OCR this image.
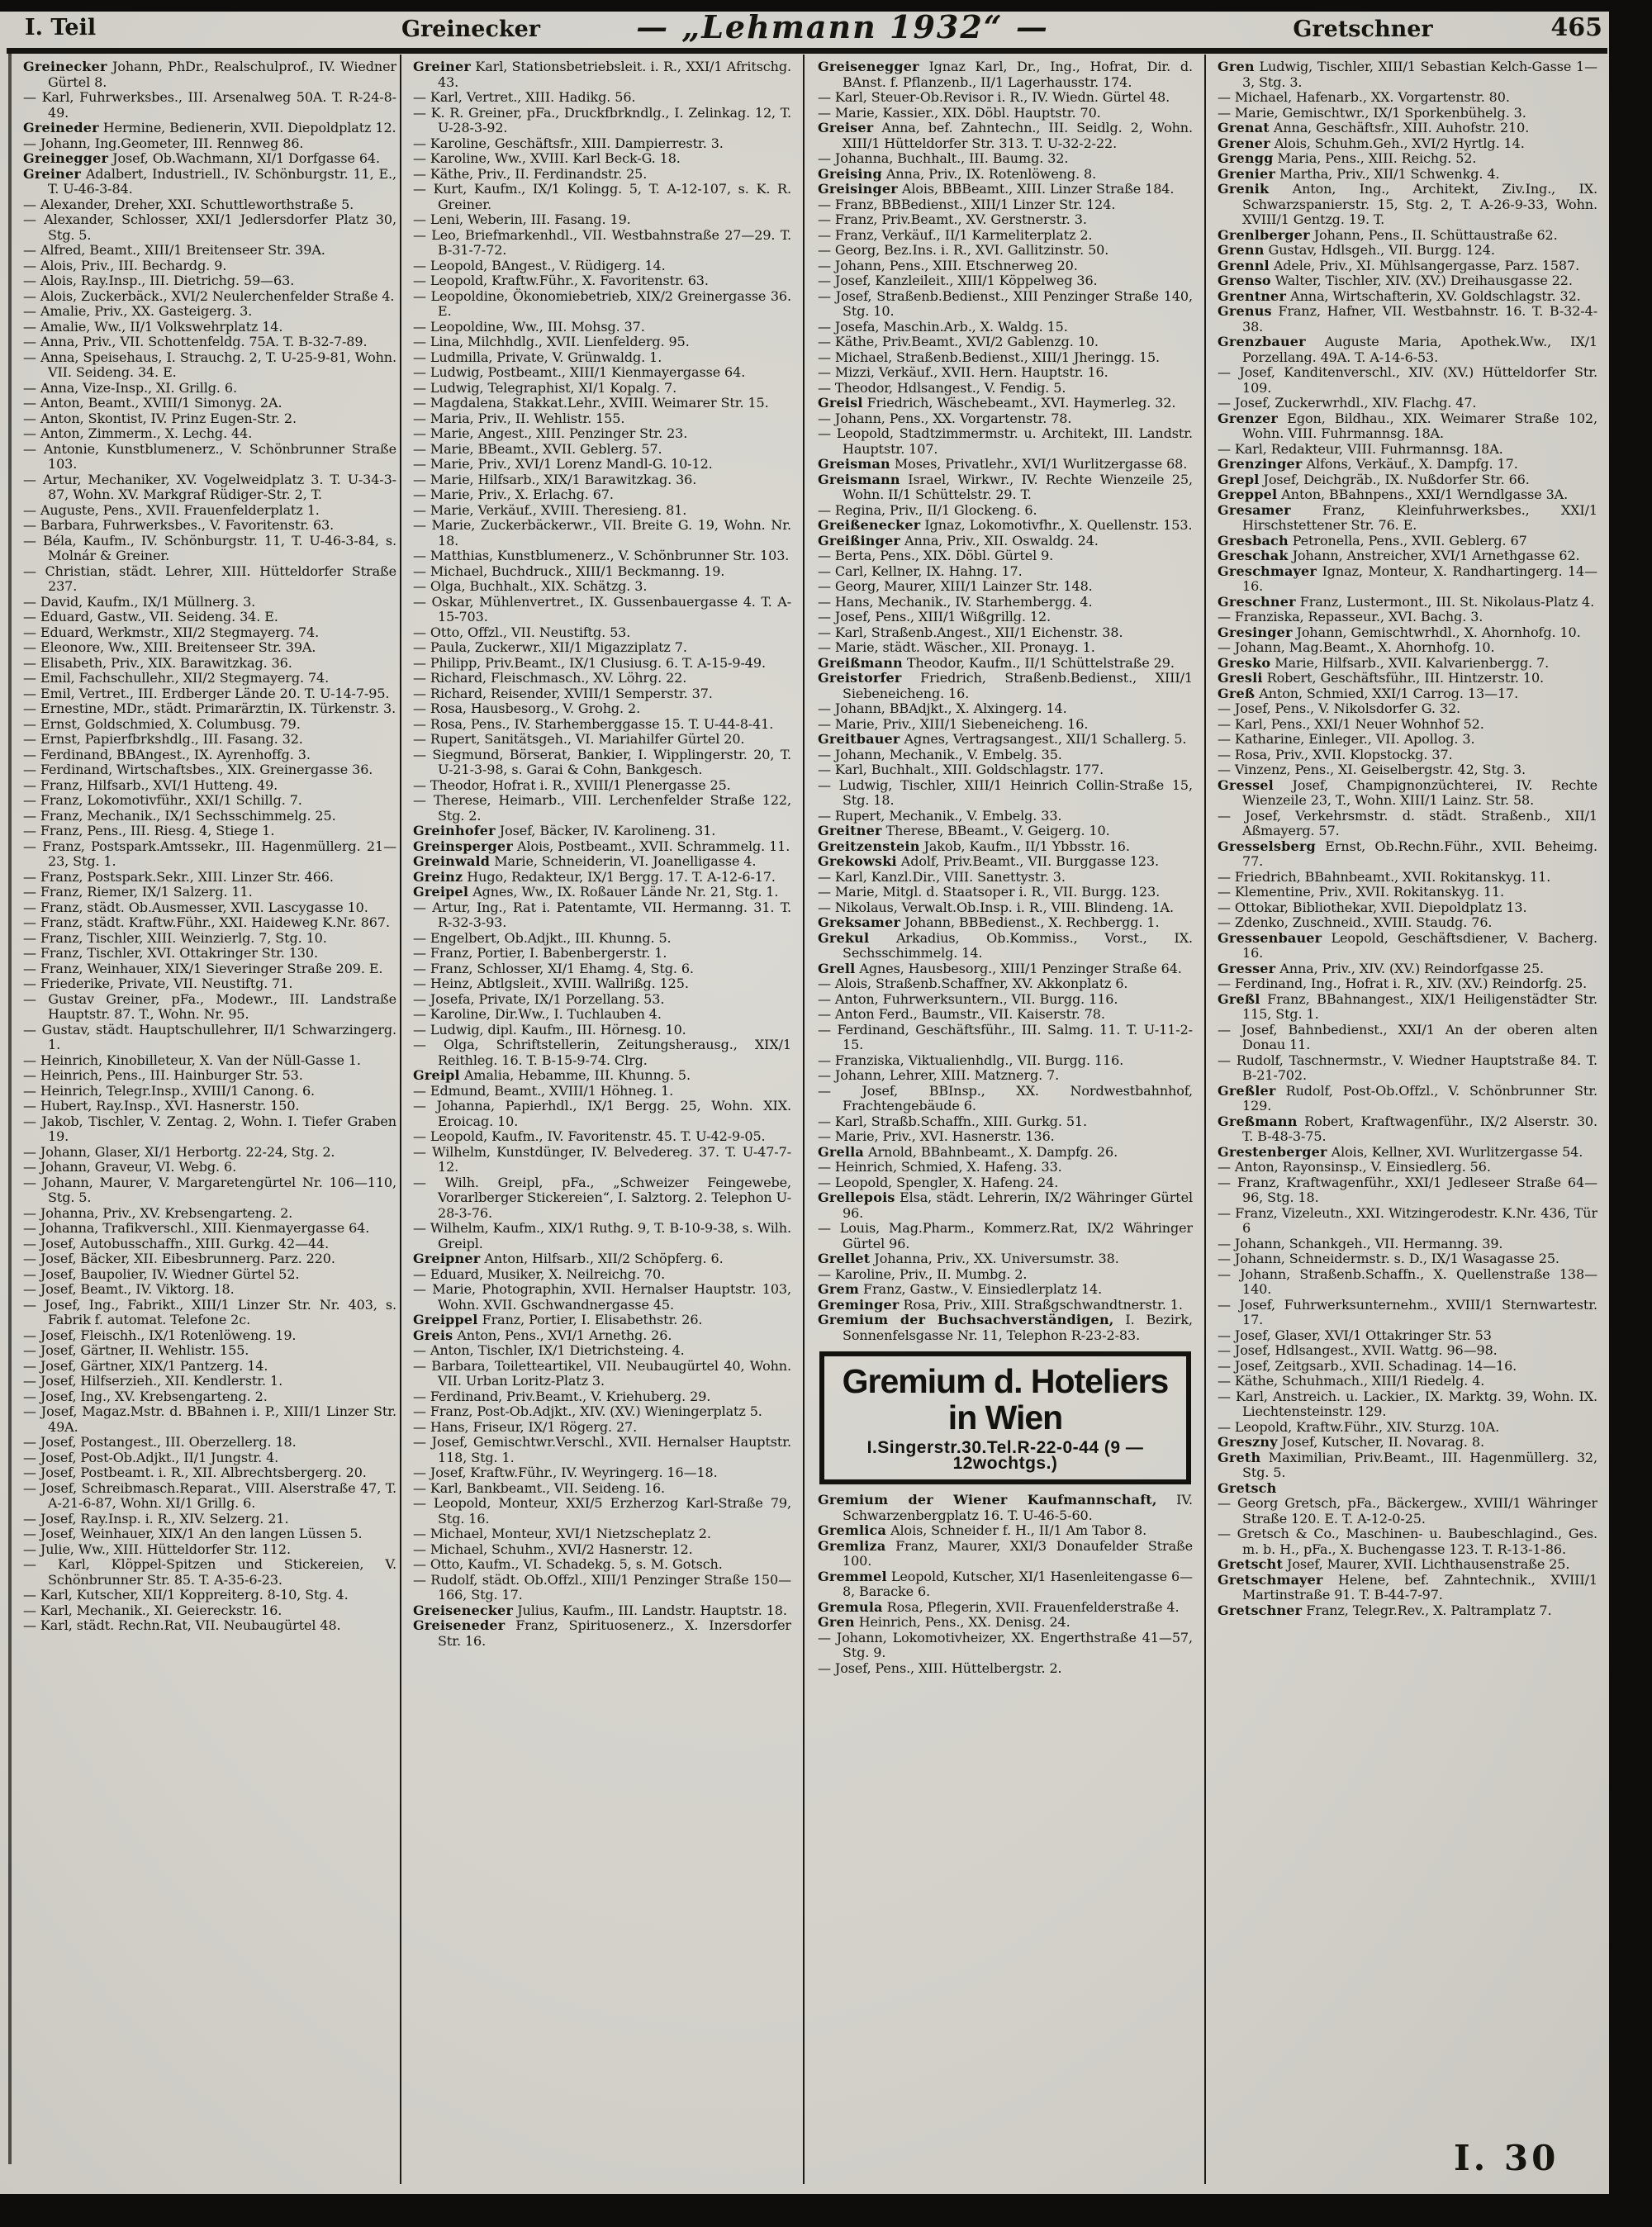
I. Teil	Greinecker	— „Lehmann 1932“ —	Gretschner	465
Greinecker Johann, PhDr., Realschulprof., IV. Wiedner Gürtel 8.
— Karl, Fuhrwerksbes., III. Arsenalweg 50A. T. R-24-8-49.
Greineder Hermine, Bedienerin, XVII. Diepoldplatz 12.
— Johann, Ing.Geometer, III. Rennweg 86.
Greinegger Josef, Ob.Wachmann, XI/1 Dorfgasse 64.
Greiner Adalbert, Industriell., IV. Schönburgstr. 11, E., T. U-46-3-84.
— Alexander, Dreher, XXI. Schuttleworthstraße 5.
— Alexander, Schlosser, XXI/1 Jedlersdorfer Platz 30, Stg. 5.
— Alfred, Beamt., XIII/1 Breitenseer Str. 39A.
— Alois, Priv., III. Bechardg. 9.
— Alois, Ray.Insp., III. Dietrichg. 59—63.
— Alois, Zuckerbäck., XVI/2 Neulerchenfelder Straße 4.
— Amalie, Priv., XX. Gasteigerg. 3.
— Amalie, Ww., II/1 Volkswehrplatz 14.
— Anna, Priv., VII. Schottenfeldg. 75A. T. B-32-7-89.
— Anna, Speisehaus, I. Strauchg. 2, T. U-25-9-81, Wohn. VII. Seideng. 34. E.
— Anna, Vize-Insp., XI. Grillg. 6.
— Anton, Beamt., XVIII/1 Simonyg. 2A.
— Anton, Skontist, IV. Prinz Eugen-Str. 2.
— Anton, Zimmerm., X. Lechg. 44.
— Antonie, Kunstblumenerz., V. Schönbrunner Straße 103.
— Artur, Mechaniker, XV. Vogelweidplatz 3. T. U-34-3-87, Wohn. XV. Markgraf Rüdiger-Str. 2, T.
— Auguste, Pens., XVII. Frauenfelderplatz 1.
— Barbara, Fuhrwerksbes., V. Favoritenstr. 63.
— Béla, Kaufm., IV. Schönburgstr. 11, T. U-46-3-84, s. Molnár & Greiner.
— Christian, städt. Lehrer, XIII. Hütteldorfer Straße 237.
— David, Kaufm., IX/1 Müllnerg. 3.
— Eduard, Gastw., VII. Seideng. 34. E.
— Eduard, Werkmstr., XII/2 Stegmayerg. 74.
— Eleonore, Ww., XIII. Breitenseer Str. 39A.
— Elisabeth, Priv., XIX. Barawitzkag. 36.
— Emil, Fachschullehr., XII/2 Stegmayerg. 74.
— Emil, Vertret., III. Erdberger Lände 20. T. U-14-7-95.
— Ernestine, MDr., städt. Primarärztin, IX. Türkenstr. 3.
— Ernst, Goldschmied, X. Columbusg. 79.
— Ernst, Papierfbrkshdlg., III. Fasang. 32.
— Ferdinand, BBAngest., IX. Ayrenhoffg. 3.
— Ferdinand, Wirtschaftsbes., XIX. Greinergasse 36.
— Franz, Hilfsarb., XVI/1 Hutteng. 49.
— Franz, Lokomotivführ., XXI/1 Schillg. 7.
— Franz, Mechanik., IX/1 Sechsschimmelg. 25.
— Franz, Pens., III. Riesg. 4, Stiege 1.
— Franz, Postspark.Amtssekr., III. Hagenmüllerg. 21—23, Stg. 1.
— Franz, Postspark.Sekr., XIII. Linzer Str. 466.
— Franz, Riemer, IX/1 Salzerg. 11.
— Franz, städt. Ob.Ausmesser, XVII. Lascygasse 10.
— Franz, städt. Kraftw.Führ., XXI. Haideweg K.Nr. 867.
— Franz, Tischler, XIII. Weinzierlg. 7, Stg. 10.
— Franz, Tischler, XVI. Ottakringer Str. 130.
— Franz, Weinhauer, XIX/1 Sieveringer Straße 209. E.
— Friederike, Private, VII. Neustiftg. 71.
— Gustav Greiner, pFa., Modewr., III. Landstraße Hauptstr. 87. T., Wohn. Nr. 95.
— Gustav, städt. Hauptschullehrer, II/1 Schwarzingerg. 1.
— Heinrich, Kinobilleteur, X. Van der Nüll-Gasse 1.
— Heinrich, Pens., III. Hainburger Str. 53.
— Heinrich, Telegr.Insp., XVIII/1 Canong. 6.
— Hubert, Ray.Insp., XVI. Hasnerstr. 150.
— Jakob, Tischler, V. Zentag. 2, Wohn. I. Tiefer Graben 19.
— Johann, Glaser, XI/1 Herbortg. 22-24, Stg. 2.
— Johann, Graveur, VI. Webg. 6.
— Johann, Maurer, V. Margaretengürtel Nr. 106—110, Stg. 5.
— Johanna, Priv., XV. Krebsengarteng. 2.
— Johanna, Trafikverschl., XIII. Kienmayergasse 64.
— Josef, Autobusschaffn., XIII. Gurkg. 42—44.
— Josef, Bäcker, XII. Eibesbrunnerg. Parz. 220.
— Josef, Baupolier, IV. Wiedner Gürtel 52.
— Josef, Beamt., IV. Viktorg. 18.
— Josef, Ing., Fabrikt., XIII/1 Linzer Str. Nr. 403, s. Fabrik f. automat. Telefone 2c.
— Josef, Fleischh., IX/1 Rotenlöweng. 19.
— Josef, Gärtner, II. Wehlistr. 155.
— Josef, Gärtner, XIX/1 Pantzerg. 14.
— Josef, Hilfserzieh., XII. Kendlerstr. 1.
— Josef, Ing., XV. Krebsengarteng. 2.
— Josef, Magaz.Mstr. d. BBahnen i. P., XIII/1 Linzer Str. 49A.
— Josef, Postangest., III. Oberzellerg. 18.
— Josef, Post-Ob.Adjkt., II/1 Jungstr. 4.
— Josef, Postbeamt. i. R., XII. Albrechtsbergerg. 20.
— Josef, Schreibmasch.Reparat., VIII. Alserstraße 47, T. A-21-6-87, Wohn. XI/1 Grillg. 6.
— Josef, Ray.Insp. i. R., XIV. Selzerg. 21.
— Josef, Weinhauer, XIX/1 An den langen Lüssen 5.
— Julie, Ww., XIII. Hütteldorfer Str. 112.
— Karl, Klöppel-Spitzen und Stickereien, V. Schönbrunner Str. 85. T. A-35-6-23.
— Karl, Kutscher, XII/1 Koppreiterg. 8-10, Stg. 4.
— Karl, Mechanik., XI. Geiereckstr. 16.
— Karl, städt. Rechn.Rat, VII. Neubaugürtel 48.
Greiner Karl, Stationsbetriebsleit. i. R., XXI/1 Afritschg. 43.
— Karl, Vertret., XIII. Hadikg. 56.
— K. R. Greiner, pFa., Druckfbrkndlg., I. Zelinkag. 12, T. U-28-3-92.
— Karoline, Geschäftsfr., XIII. Dampierrestr. 3.
— Karoline, Ww., XVIII. Karl Beck-G. 18.
— Käthe, Priv., II. Ferdinandstr. 25.
— Kurt, Kaufm., IX/1 Kolingg. 5, T. A-12-107, s. K. R. Greiner.
— Leni, Weberin, III. Fasang. 19.
— Leo, Briefmarkenhdl., VII. Westbahnstraße 27—29. T. B-31-7-72.
— Leopold, BAngest., V. Rüdigerg. 14.
— Leopold, Kraftw.Führ., X. Favoritenstr. 63.
— Leopoldine, Ökonomiebetrieb, XIX/2 Greinergasse 36. E.
— Leopoldine, Ww., III. Mohsg. 37.
— Lina, Milchhdlg., XVII. Lienfelderg. 95.
— Ludmilla, Private, V. Grünwaldg. 1.
— Ludwig, Postbeamt., XIII/1 Kienmayergasse 64.
— Ludwig, Telegraphist, XI/1 Kopalg. 7.
— Magdalena, Stakkat.Lehr., XVIII. Weimarer Str. 15.
— Maria, Priv., II. Wehlistr. 155.
— Marie, Angest., XIII. Penzinger Str. 23.
— Marie, BBeamt., XVII. Geblerg. 57.
— Marie, Priv., XVI/1 Lorenz Mandl-G. 10-12.
— Marie, Hilfsarb., XIX/1 Barawitzkag. 36.
— Marie, Priv., X. Erlachg. 67.
— Marie, Verkäuf., XVIII. Theresieng. 81.
— Marie, Zuckerbäckerwr., VII. Breite G. 19, Wohn. Nr. 18.
— Matthias, Kunstblumenerz., V. Schönbrunner Str. 103.
— Michael, Buchdruck., XIII/1 Beckmanng. 19.
— Olga, Buchhalt., XIX. Schätzg. 3.
— Oskar, Mühlenvertret., IX. Gussenbauergasse 4. T. A-15-703.
— Otto, Offzl., VII. Neustiftg. 53.
— Paula, Zuckerwr., XII/1 Migazziplatz 7.
— Philipp, Priv.Beamt., IX/1 Clusiusg. 6. T. A-15-9-49.
— Richard, Fleischmasch., XV. Löhrg. 22.
— Richard, Reisender, XVIII/1 Semperstr. 37.
— Rosa, Hausbesorg., V. Grohg. 2.
— Rosa, Pens., IV. Starhemberggasse 15. T. U-44-8-41.
— Rupert, Sanitätsgeh., VI. Mariahilfer Gürtel 20.
— Siegmund, Börserat, Bankier, I. Wipplingerstr. 20, T. U-21-3-98, s. Garai & Cohn, Bankgesch.
— Theodor, Hofrat i. R., XVIII/1 Plenergasse 25.
— Therese, Heimarb., VIII. Lerchenfelder Straße 122, Stg. 2.
Greinhofer Josef, Bäcker, IV. Karolineng. 31.
Greinsperger Alois, Postbeamt., XVII. Schrammelg. 11.
Greinwald Marie, Schneiderin, VI. Joanelligasse 4.
Greinz Hugo, Redakteur, IX/1 Bergg. 17. T. A-12-6-17.
Greipel Agnes, Ww., IX. Roßauer Lände Nr. 21, Stg. 1.
— Artur, Ing., Rat i. Patentamte, VII. Hermanng. 31. T. R-32-3-93.
— Engelbert, Ob.Adjkt., III. Khunng. 5.
— Franz, Portier, I. Babenbergerstr. 1.
— Franz, Schlosser, XI/1 Ehamg. 4, Stg. 6.
— Heinz, Abtlgsleit., XVIII. Wallrißg. 125.
— Josefa, Private, IX/1 Porzellang. 53.
— Karoline, Dir.Ww., I. Tuchlauben 4.
— Ludwig, dipl. Kaufm., III. Hörnesg. 10.
— Olga, Schriftstellerin, Zeitungsherausg., XIX/1 Reithleg. 16. T. B-15-9-74. Clrg.
Greipl Amalia, Hebamme, III. Khunng. 5.
— Edmund, Beamt., XVIII/1 Höhneg. 1.
— Johanna, Papierhdl., IX/1 Bergg. 25, Wohn. XIX. Eroicag. 10.
— Leopold, Kaufm., IV. Favoritenstr. 45. T. U-42-9-05.
— Wilhelm, Kunstdünger, IV. Belvedereg. 37. T. U-47-7-12.
— Wilh. Greipl, pFa., „Schweizer Feingewebe, Vorarlberger Stickereien“, I. Salztorg. 2. Telephon U-28-3-76.
— Wilhelm, Kaufm., XIX/1 Ruthg. 9, T. B-10-9-38, s. Wilh. Greipl.
Greipner Anton, Hilfsarb., XII/2 Schöpferg. 6.
— Eduard, Musiker, X. Neilreichg. 70.
— Marie, Photographin, XVII. Hernalser Hauptstr. 103, Wohn. XVII. Gschwandnergasse 45.
Greippel Franz, Portier, I. Elisabethstr. 26.
Greis Anton, Pens., XVI/1 Arnethg. 26.
— Anton, Tischler, IX/1 Dietrichsteing. 4.
— Barbara, Toiletteartikel, VII. Neubaugürtel 40, Wohn. VII. Urban Loritz-Platz 3.
— Ferdinand, Priv.Beamt., V. Kriehuberg. 29.
— Franz, Post-Ob.Adjkt., XIV. (XV.) Wieningerplatz 5.
— Hans, Friseur, IX/1 Rögerg. 27.
— Josef, Gemischtwr.Verschl., XVII. Hernalser Hauptstr. 118, Stg. 1.
— Josef, Kraftw.Führ., IV. Weyringerg. 16—18.
— Karl, Bankbeamt., VII. Seideng. 16.
— Leopold, Monteur, XXI/5 Erzherzog Karl-Straße 79, Stg. 16.
— Michael, Monteur, XVI/1 Nietzscheplatz 2.
— Michael, Schuhm., XVI/2 Hasnerstr. 12.
— Otto, Kaufm., VI. Schadekg. 5, s. M. Gotsch.
— Rudolf, städt. Ob.Offzl., XIII/1 Penzinger Straße 150—166, Stg. 17.
Greisenecker Julius, Kaufm., III. Landstr. Hauptstr. 18.
Greiseneder Franz, Spirituosenerz., X. Inzersdorfer Str. 16.
Greisenegger Ignaz Karl, Dr., Ing., Hofrat, Dir. d. BAnst. f. Pflanzenb., II/1 Lagerhausstr. 174.
— Karl, Steuer-Ob.Revisor i. R., IV. Wiedn. Gürtel 48.
— Marie, Kassier., XIX. Döbl. Hauptstr. 70.
Greiser Anna, bef. Zahntechn., III. Seidlg. 2, Wohn. XIII/1 Hütteldorfer Str. 313. T. U-32-2-22.
— Johanna, Buchhalt., III. Baumg. 32.
Greising Anna, Priv., IX. Rotenlöweng. 8.
Greisinger Alois, BBBeamt., XIII. Linzer Straße 184.
— Franz, BBBedienst., XIII/1 Linzer Str. 124.
— Franz, Priv.Beamt., XV. Gerstnerstr. 3.
— Franz, Verkäuf., II/1 Karmeliterplatz 2.
— Georg, Bez.Ins. i. R., XVI. Gallitzinstr. 50.
— Johann, Pens., XIII. Etschnerweg 20.
— Josef, Kanzleileit., XIII/1 Köppelweg 36.
— Josef, Straßenb.Bedienst., XIII Penzinger Straße 140, Stg. 10.
— Josefa, Maschin.Arb., X. Waldg. 15.
— Käthe, Priv.Beamt., XVI/2 Gablenzg. 10.
— Michael, Straßenb.Bedienst., XIII/1 Jheringg. 15.
— Mizzi, Verkäuf., XVII. Hern. Hauptstr. 16.
— Theodor, Hdlsangest., V. Fendig. 5.
Greisl Friedrich, Wäschebeamt., XVI. Haymerleg. 32.
— Johann, Pens., XX. Vorgartenstr. 78.
— Leopold, Stadtzimmermstr. u. Architekt, III. Landstr. Hauptstr. 107.
Greisman Moses, Privatlehr., XVI/1 Wurlitzergasse 68.
Greismann Israel, Wirkwr., IV. Rechte Wienzeile 25, Wohn. II/1 Schüttelstr. 29. T.
— Regina, Priv., II/1 Glockeng. 6.
Greißenecker Ignaz, Lokomotivfhr., X. Quellenstr. 153.
Greißinger Anna, Priv., XII. Oswaldg. 24.
— Berta, Pens., XIX. Döbl. Gürtel 9.
— Carl, Kellner, IX. Hahng. 17.
— Georg, Maurer, XIII/1 Lainzer Str. 148.
— Hans, Mechanik., IV. Starhembergg. 4.
— Josef, Pens., XIII/1 Wißgrillg. 12.
— Karl, Straßenb.Angest., XII/1 Eichenstr. 38.
— Marie, städt. Wäscher., XII. Pronayg. 1.
Greißmann Theodor, Kaufm., II/1 Schüttelstraße 29.
Greistorfer Friedrich, Straßenb.Bedienst., XIII/1 Siebeneicheng. 16.
— Johann, BBAdjkt., X. Alxingerg. 14.
— Marie, Priv., XIII/1 Siebeneicheng. 16.
Greitbauer Agnes, Vertragsangest., XII/1 Schallerg. 5.
— Johann, Mechanik., V. Embelg. 35.
— Karl, Buchhalt., XIII. Goldschlagstr. 177.
— Ludwig, Tischler, XIII/1 Heinrich Collin-Straße 15, Stg. 18.
— Rupert, Mechanik., V. Embelg. 33.
Greitner Therese, BBeamt., V. Geigerg. 10.
Greitzenstein Jakob, Kaufm., II/1 Ybbsstr. 16.
Grekowski Adolf, Priv.Beamt., VII. Burggasse 123.
— Karl, Kanzl.Dir., VIII. Sanettystr. 3.
— Marie, Mitgl. d. Staatsoper i. R., VII. Burgg. 123.
— Nikolaus, Verwalt.Ob.Insp. i. R., VIII. Blindeng. 1A.
Greksamer Johann, BBBedienst., X. Rechbergg. 1.
Grekul Arkadius, Ob.Kommiss., Vorst., IX. Sechsschimmelg. 14.
Grell Agnes, Hausbesorg., XIII/1 Penzinger Straße 64.
— Alois, Straßenb.Schaffner, XV. Akkonplatz 6.
— Anton, Fuhrwerksuntern., VII. Burgg. 116.
— Anton Ferd., Baumstr., VII. Kaiserstr. 78.
— Ferdinand, Geschäftsführ., III. Salmg. 11. T. U-11-2-15.
— Franziska, Viktualienhdlg., VII. Burgg. 116.
— Johann, Lehrer, XIII. Matznerg. 7.
— Josef, BBInsp., XX. Nordwestbahnhof, Frachtengebäude 6.
— Karl, Straßb.Schaffn., XIII. Gurkg. 51.
— Marie, Priv., XVI. Hasnerstr. 136.
Grella Arnold, BBahnbeamt., X. Dampfg. 26.
— Heinrich, Schmied, X. Hafeng. 33.
— Leopold, Spengler, X. Hafeng. 24.
Grellepois Elsa, städt. Lehrerin, IX/2 Währinger Gürtel 96.
— Louis, Mag.Pharm., Kommerz.Rat, IX/2 Währinger Gürtel 96.
Grellet Johanna, Priv., XX. Universumstr. 38.
— Karoline, Priv., II. Mumbg. 2.
Grem Franz, Gastw., V. Einsiedlerplatz 14.
Greminger Rosa, Priv., XIII. Straßgschwandtnerstr. 1.
Gremium der Buchsachverständigen, I. Bezirk, Sonnenfelsgasse Nr. 11, Telephon R-23-2-83.
Gremium d. Hoteliers in Wien
I.Singerstr.30.Tel.R-22-0-44 (9 — 12wochtgs.)
Gremium der Wiener Kaufmannschaft, IV. Schwarzenbergplatz 16. T. U-46-5-60.
Gremlica Alois, Schneider f. H., II/1 Am Tabor 8.
Gremliza Franz, Maurer, XXI/3 Donaufelder Straße 100.
Gremmel Leopold, Kutscher, XI/1 Hasenleitengasse 6—8, Baracke 6.
Gremula Rosa, Pflegerin, XVII. Frauenfelderstraße 4.
Gren Heinrich, Pens., XX. Denisg. 24.
— Johann, Lokomotivheizer, XX. Engerthstraße 41—57, Stg. 9.
— Josef, Pens., XIII. Hüttelbergstr. 2.
Gren Ludwig, Tischler, XIII/1 Sebastian Kelch-Gasse 1—3, Stg. 3.
— Michael, Hafenarb., XX. Vorgartenstr. 80.
— Marie, Gemischtwr., IX/1 Sporkenbühelg. 3.
Grenat Anna, Geschäftsfr., XIII. Auhofstr. 210.
Grener Alois, Schuhm.Geh., XVI/2 Hyrtlg. 14.
Grengg Maria, Pens., XIII. Reichg. 52.
Grenier Martha, Priv., XII/1 Schwenkg. 4.
Grenik Anton, Ing., Architekt, Ziv.Ing., IX. Schwarzspanierstr. 15, Stg. 2, T. A-26-9-33, Wohn. XVIII/1 Gentzg. 19. T.
Grenlberger Johann, Pens., II. Schüttaustraße 62.
Grenn Gustav, Hdlsgeh., VII. Burgg. 124.
Grennl Adele, Priv., XI. Mühlsangergasse, Parz. 1587.
Grenso Walter, Tischler, XIV. (XV.) Dreihausgasse 22.
Grentner Anna, Wirtschafterin, XV. Goldschlagstr. 32.
Grenus Franz, Hafner, VII. Westbahnstr. 16. T. B-32-4-38.
Grenzbauer Auguste Maria, Apothek.Ww., IX/1 Porzellang. 49A. T. A-14-6-53.
— Josef, Kanditenverschl., XIV. (XV.) Hütteldorfer Str. 109.
— Josef, Zuckerwrhdl., XIV. Flachg. 47.
Grenzer Egon, Bildhau., XIX. Weimarer Straße 102, Wohn. VIII. Fuhrmannsg. 18A.
— Karl, Redakteur, VIII. Fuhrmannsg. 18A.
Grenzinger Alfons, Verkäuf., X. Dampfg. 17.
Grepl Josef, Deichgräb., IX. Nußdorfer Str. 66.
Greppel Anton, BBahnpens., XXI/1 Werndlgasse 3A.
Gresamer Franz, Kleinfuhrwerksbes., XXI/1 Hirschstettener Str. 76. E.
Gresbach Petronella, Pens., XVII. Geblerg. 67
Greschak Johann, Anstreicher, XVI/1 Arnethgasse 62.
Greschmayer Ignaz, Monteur, X. Randhartingerg. 14—16.
Greschner Franz, Lustermont., III. St. Nikolaus-Platz 4.
— Franziska, Repasseur., XVI. Bachg. 3.
Gresinger Johann, Gemischtwrhdl., X. Ahornhofg. 10.
— Johann, Mag.Beamt., X. Ahornhofg. 10.
Gresko Marie, Hilfsarb., XVII. Kalvarienbergg. 7.
Gresli Robert, Geschäftsführ., III. Hintzerstr. 10.
Greß Anton, Schmied, XXI/1 Carrog. 13—17.
— Josef, Pens., V. Nikolsdorfer G. 32.
— Karl, Pens., XXI/1 Neuer Wohnhof 52.
— Katharine, Einleger., VII. Apollog. 3.
— Rosa, Priv., XVII. Klopstockg. 37.
— Vinzenz, Pens., XI. Geiselbergstr. 42, Stg. 3.
Gressel Josef, Champignonzüchterei, IV. Rechte Wienzeile 23, T., Wohn. XIII/1 Lainz. Str. 58.
— Josef, Verkehrsmstr. d. städt. Straßenb., XII/1 Aßmayerg. 57.
Gresselsberg Ernst, Ob.Rechn.Führ., XVII. Beheimg. 77.
— Friedrich, BBahnbeamt., XVII. Rokitanskyg. 11.
— Klementine, Priv., XVII. Rokitanskyg. 11.
— Ottokar, Bibliothekar, XVII. Diepoldplatz 13.
— Zdenko, Zuschneid., XVIII. Staudg. 76.
Gressenbauer Leopold, Geschäftsdiener, V. Bacherg. 16.
Gresser Anna, Priv., XIV. (XV.) Reindorfgasse 25.
— Ferdinand, Ing., Hofrat i. R., XIV. (XV.) Reindorfg. 25.
Greßl Franz, BBahnangest., XIX/1 Heiligenstädter Str. 115, Stg. 1.
— Josef, Bahnbedienst., XXI/1 An der oberen alten Donau 11.
— Rudolf, Taschnermstr., V. Wiedner Hauptstraße 84. T. B-21-702.
Greßler Rudolf, Post-Ob.Offzl., V. Schönbrunner Str. 129.
Greßmann Robert, Kraftwagenführ., IX/2 Alserstr. 30. T. B-48-3-75.
Grestenberger Alois, Kellner, XVI. Wurlitzergasse 54.
— Anton, Rayonsinsp., V. Einsiedlerg. 56.
— Franz, Kraftwagenführ., XXI/1 Jedleseer Straße 64—96, Stg. 18.
— Franz, Vizeleutn., XXI. Witzingerodestr. K.Nr. 436, Tür 6
— Johann, Schankgeh., VII. Hermanng. 39.
— Johann, Schneidermstr. s. D., IX/1 Wasagasse 25.
— Johann, Straßenb.Schaffn., X. Quellenstraße 138—140.
— Josef, Fuhrwerksunternehm., XVIII/1 Sternwartestr. 17.
— Josef, Glaser, XVI/1 Ottakringer Str. 53
— Josef, Hdlsangest., XVII. Wattg. 96—98.
— Josef, Zeitgsarb., XVII. Schadinag. 14—16.
— Käthe, Schuhmach., XIII/1 Riedelg. 4.
— Karl, Anstreich. u. Lackier., IX. Marktg. 39, Wohn. IX. Liechtensteinstr. 129.
— Leopold, Kraftw.Führ., XIV. Sturzg. 10A.
Greszny Josef, Kutscher, II. Novarag. 8.
Greth Maximilian, Priv.Beamt., III. Hagenmüllerg. 32, Stg. 5.
Gretsch
— Georg Gretsch, pFa., Bäckergew., XVIII/1 Währinger Straße 120. E. T. A-12-0-25.
— Gretsch & Co., Maschinen- u. Baubeschlagind., Ges. m. b. H., pFa., X. Buchengasse 123. T. R-13-1-86.
Gretscht Josef, Maurer, XVII. Lichthausenstraße 25.
Gretschmayer Helene, bef. Zahntechnik., XVIII/1 Martinstraße 91. T. B-44-7-97.
Gretschner Franz, Telegr.Rev., X. Paltramplatz 7.
I. 30
